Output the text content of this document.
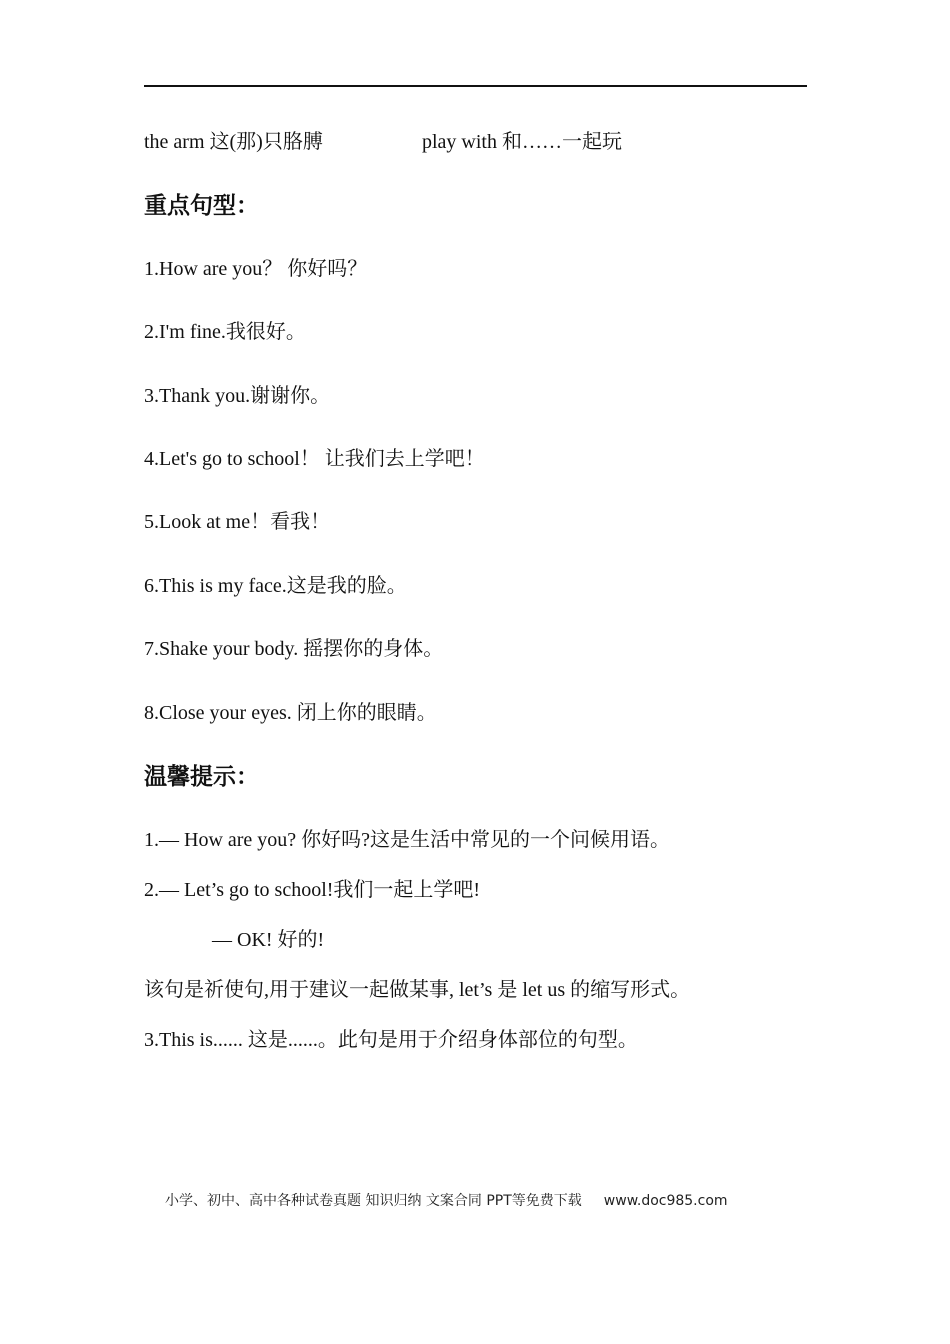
the arm 这(那)只胳膊	play with 和……一起玩
重点句型：
1.How are you？ 你好吗？
2.I'm fine.我很好。
3.Thank you.谢谢你。
4.Let's go to school！ 让我们去上学吧！
5.Look at me！看我！
6.This is my face.这是我的脸。
7.Shake your body. 摇摆你的身体。
8.Close your eyes. 闭上你的眼睛。
温馨提示：
1.— How are you? 你好吗?这是生活中常见的一个问候用语。
2.— Let’s go to school!我们一起上学吧!
— OK! 好的!
该句是祈使句,用于建议一起做某事, let’s 是 let us 的缩写形式。
3.This is...... 这是......。此句是用于介绍身体部位的句型。
小学、初中、高中各种试卷真题 知识归纳 文案合同 PPT等免费下载 www.doc985.com
